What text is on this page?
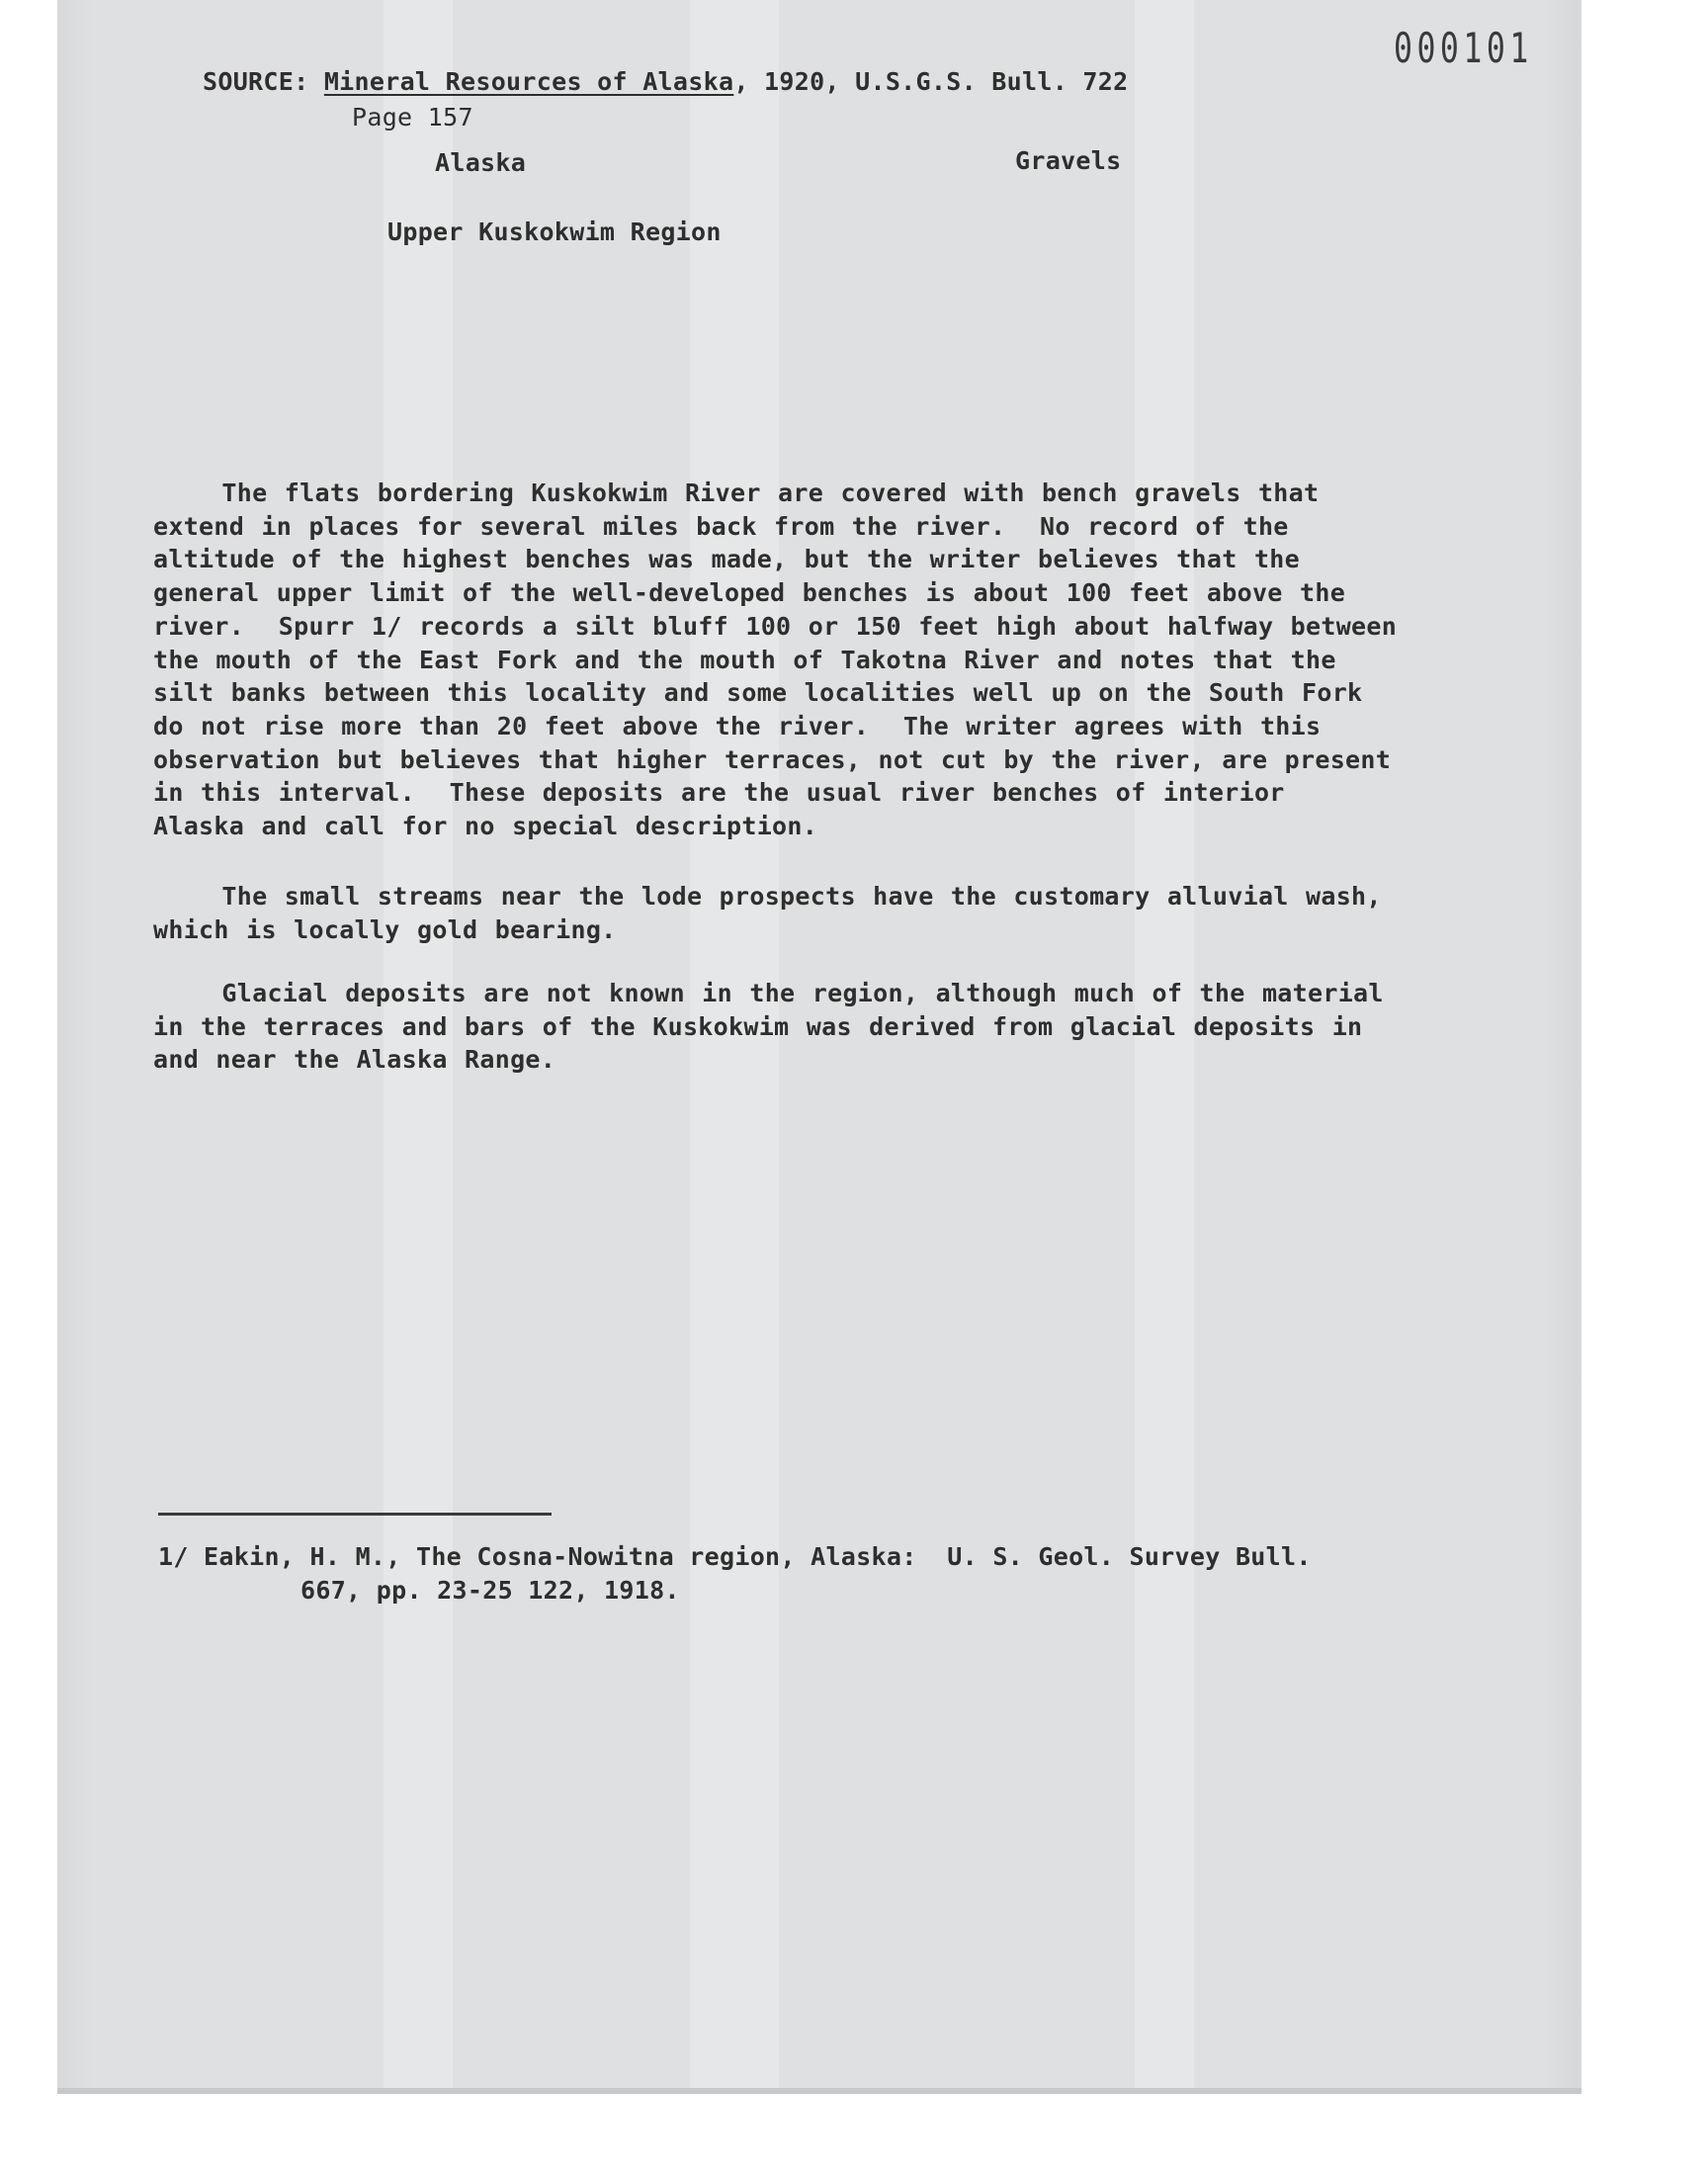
000101
SOURCE: Mineral Resources of Alaska, 1920, U.S.G.S. Bull. 722
Page 157
Alaska	Gravels
Upper Kuskokwim Region
The flats bordering Kuskokwim River are covered with bench gravels that
extend in places for several miles back from the river.  No record of the
altitude of the highest benches was made, but the writer believes that the
general upper limit of the well-developed benches is about 100 feet above the
river.  Spurr 1/ records a silt bluff 100 or 150 feet high about halfway between
the mouth of the East Fork and the mouth of Takotna River and notes that the
silt banks between this locality and some localities well up on the South Fork
do not rise more than 20 feet above the river.  The writer agrees with this
observation but believes that higher terraces, not cut by the river, are present
in this interval.  These deposits are the usual river benches of interior
Alaska and call for no special description.
The small streams near the lode prospects have the customary alluvial wash,
which is locally gold bearing.
Glacial deposits are not known in the region, although much of the material
in the terraces and bars of the Kuskokwim was derived from glacial deposits in
and near the Alaska Range.
1/ Eakin, H. M., The Cosna-Nowitna region, Alaska:  U. S. Geol. Survey Bull.
667, pp. 23-25 122, 1918.
